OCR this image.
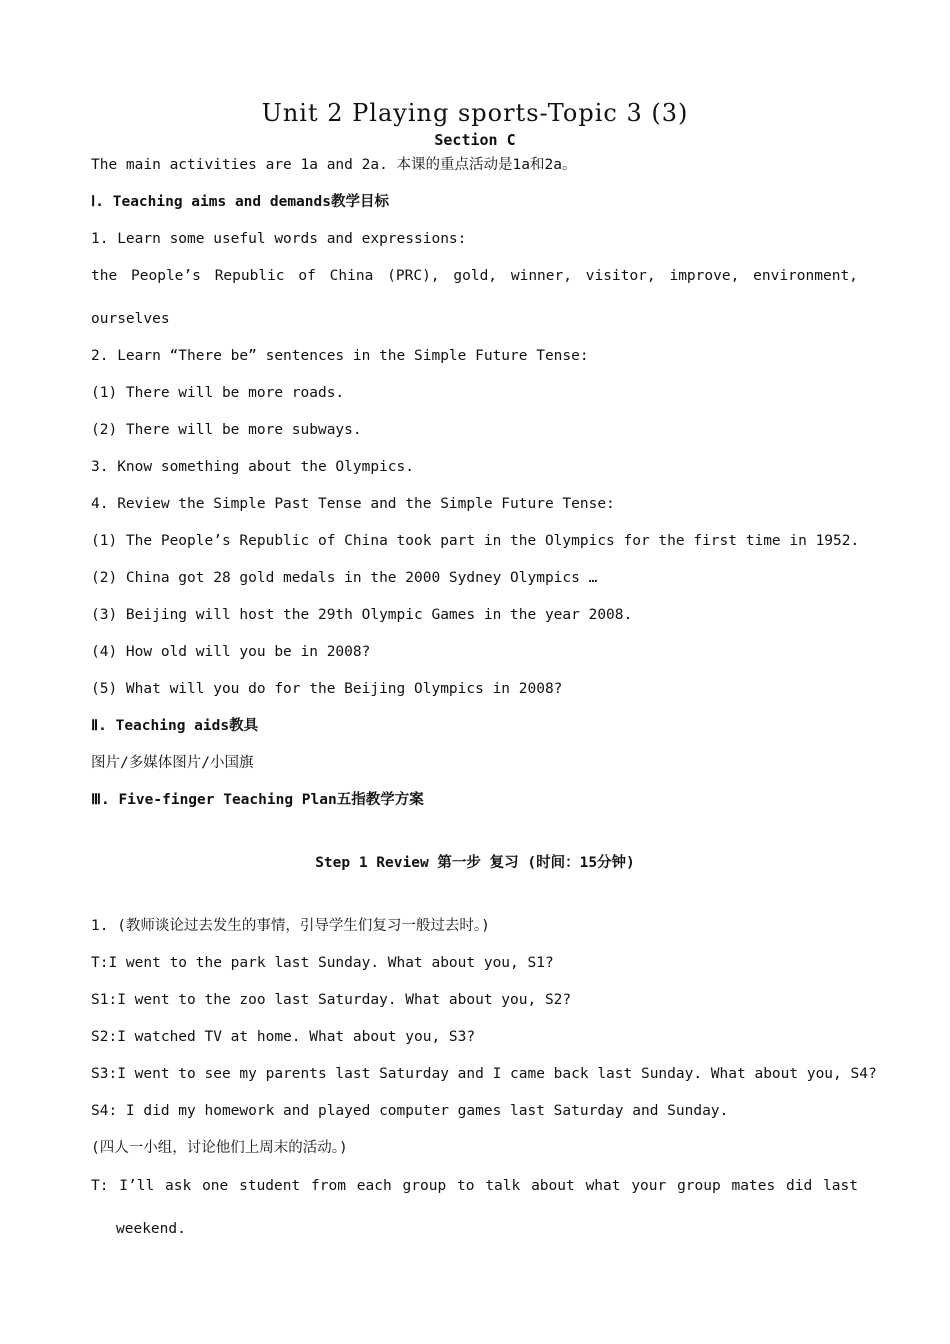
Unit 2 Playing sports-Topic 3 (3)
Section C
The main activities are 1a and 2a. 本课的重点活动是1a和2a。
Ⅰ. Teaching aims and demands教学目标
1. Learn some useful words and expressions:
the People’s Republic of China (PRC), gold, winner, visitor, improve, environment,
ourselves
2. Learn “There be” sentences in the Simple Future Tense:
(1) There will be more roads.
(2) There will be more subways.
3. Know something about the Olympics.
4. Review the Simple Past Tense and the Simple Future Tense:
(1) The People’s Republic of China took part in the Olympics for the first time in 1952.
(2) China got 28 gold medals in the 2000 Sydney Olympics …
(3) Beijing will host the 29th Olympic Games in the year 2008.
(4) How old will you be in 2008?
(5) What will you do for the Beijing Olympics in 2008?
Ⅱ. Teaching aids教具
图片/多媒体图片/小国旗
Ⅲ. Five-finger Teaching Plan五指教学方案
Step 1 Review 第一步 复习 (时间：15分钟)
1. (教师谈论过去发生的事情，引导学生们复习一般过去时。)
T:I went to the park last Sunday. What about you, S1?
S1:I went to the zoo last Saturday. What about you, S2?
S2:I watched TV at home. What about you, S3?
S3:I went to see my parents last Saturday and I came back last Sunday. What about you, S4?
S4: I did my homework and played computer games last Saturday and Sunday.
(四人一小组，讨论他们上周末的活动。)
T: I’ll ask one student from each group to talk about what your group mates did last
weekend.
